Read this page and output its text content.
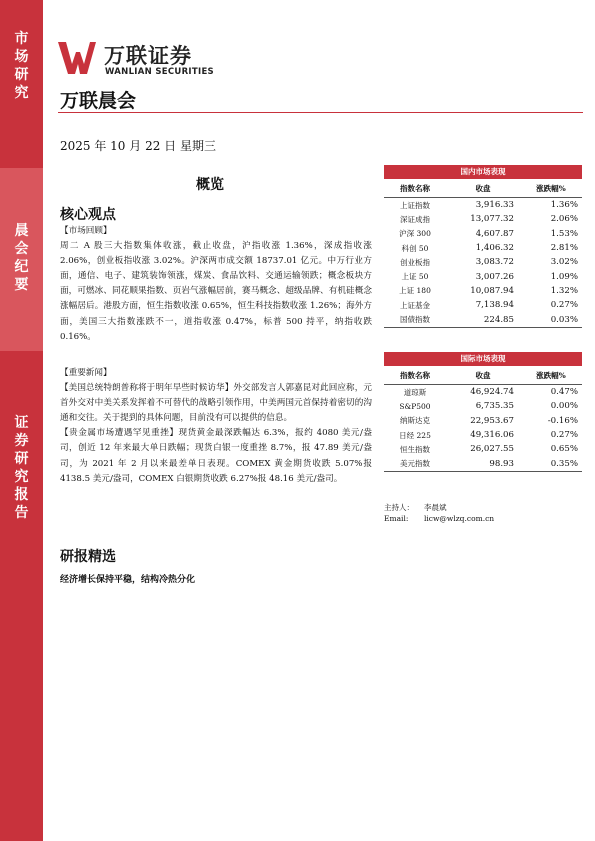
市场研究
晨会纪要
证券研究报告
万联证券
WANLIAN SECURITIES
万联晨会
2025 年 10 月 22 日 星期三
概览
核心观点

【市场回顾】

周二 A 股三大指数集体收涨，截止收盘，沪指收涨 1.36%，深成指收涨 2.06%，创业板指收涨 3.02%。沪深两市成交额 18737.01 亿元。中万行业方面，通信、电子、建筑装饰领涨，煤炭、食品饮料、交通运输领跌；概念板块方面，可燃冰、同花顺果指数、页岩气涨幅居前，赛马概念、超级品牌、有机硅概念涨幅居后。港股方面，恒生指数收涨 0.65%，恒生科技指数收涨 1.26%；海外方面，美国三大指数涨跌不一，道指收涨 0.47%，标普 500 持平，纳指收跌 0.16%。

【重要新闻】

【美国总统特朗普称将于明年早些时候访华】外交部发言人郭嘉昆对此回应称，元首外交对中美关系发挥着不可替代的战略引领作用，中美两国元首保持着密切的沟通和交往。关于提到的具体问题，目前没有可以提供的信息。

【贵金属市场遭遇罕见重挫】现货黄金最深跌幅达 6.3%，报约 4080 美元/盎司，创近 12 年来最大单日跌幅；现货白银一度重挫 8.7%，报 47.89 美元/盎司，为 2021 年 2 月以来最差单日表现。COMEX 黄金期货收跌 5.07%报 4138.5 美元/盎司，COMEX 白银期货收跌 6.27%报 48.16 美元/盎司。

研报精选
经济增长保持平稳，结构冷热分化
国内市场表现
指数名称	收盘	涨跌幅%
上证指数	3,916.33	1.36%
深证成指	13,077.32	2.06%
沪深 300	4,607.87	1.53%
科创 50	1,406.32	2.81%
创业板指	3,083.72	3.02%
上证 50	3,007.26	1.09%
上证 180	10,087.94	1.32%
上证基金	7,138.94	0.27%
国债指数	224.85	0.03%
国际市场表现
指数名称	收盘	涨跌幅%
道琼斯	46,924.74	0.47%
S&P500	6,735.35	0.00%
纳斯达克	22,953.67	-0.16%
日经 225	49,316.06	0.27%
恒生指数	26,027.55	0.65%
美元指数	98.93	0.35%
主持人： 李晨斌
Email: licw@wlzq.com.cn
